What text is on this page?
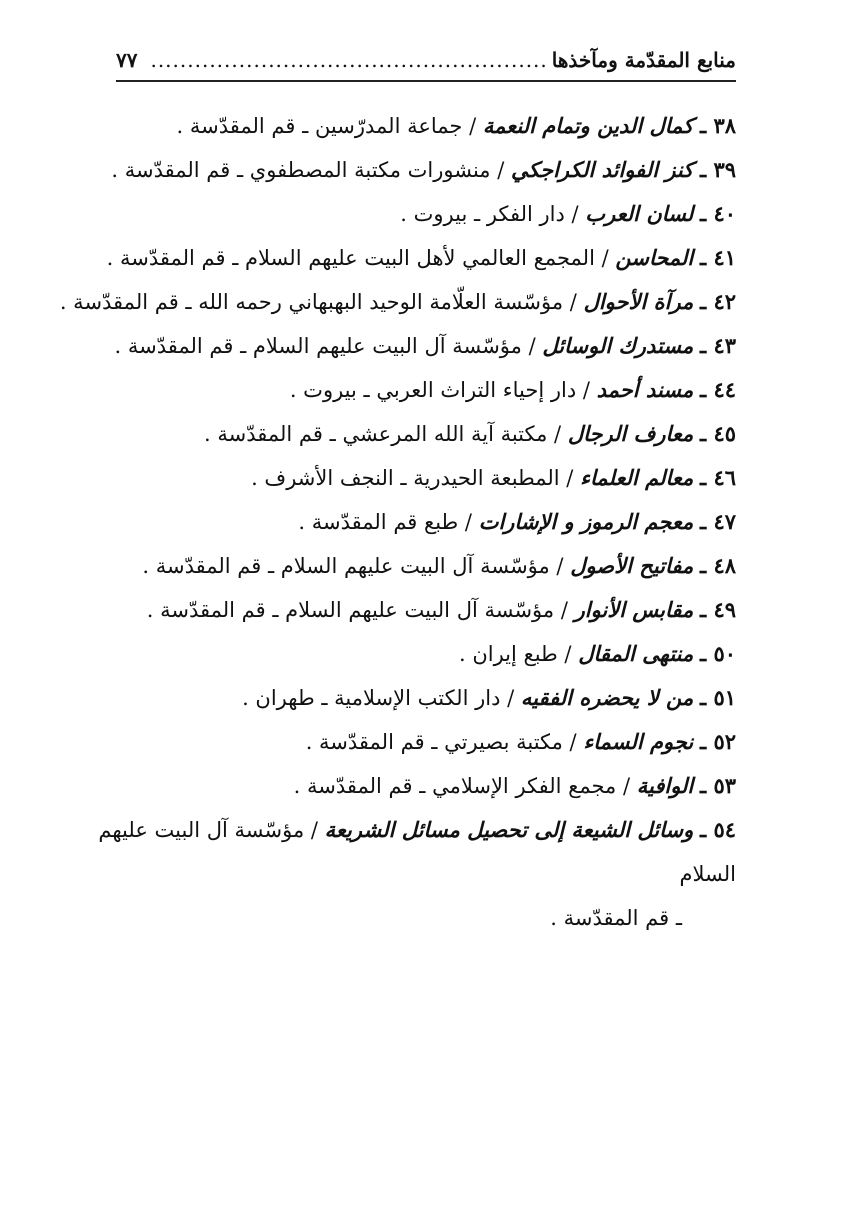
منابع المقدّمة ومآخذها
......................................................
٧٧
٣٨ ـ كمال الدين وتمام النعمة / جماعة المدرّسين ـ قم المقدّسة .
٣٩ ـ كنز الفوائد الكراجكي / منشورات مكتبة المصطفوي ـ قم المقدّسة .
٤٠ ـ لسان العرب / دار الفكر ـ بيروت .
٤١ ـ المحاسن / المجمع العالمي لأهل البيت عليهم السلام ـ قم المقدّسة .
٤٢ ـ مرآة الأحوال / مؤسّسة العلّامة الوحيد البهبهاني رحمه الله ـ قم المقدّسة .
٤٣ ـ مستدرك الوسائل / مؤسّسة آل البيت عليهم السلام ـ قم المقدّسة .
٤٤ ـ مسند أحمد / دار إحياء التراث العربي ـ بيروت .
٤٥ ـ معارف الرجال / مكتبة آية الله المرعشي ـ قم المقدّسة .
٤٦ ـ معالم العلماء / المطبعة الحيدرية ـ النجف الأشرف .
٤٧ ـ معجم الرموز و الإشارات / طبع قم المقدّسة .
٤٨ ـ مفاتيح الأصول / مؤسّسة آل البيت عليهم السلام ـ قم المقدّسة .
٤٩ ـ مقابس الأنوار / مؤسّسة آل البيت عليهم السلام ـ قم المقدّسة .
٥٠ ـ منتهى المقال / طبع إيران .
٥١ ـ من لا يحضره الفقيه / دار الكتب الإسلامية ـ طهران .
٥٢ ـ نجوم السماء / مكتبة بصيرتي ـ قم المقدّسة .
٥٣ ـ الوافية / مجمع الفكر الإسلامي ـ قم المقدّسة .
٥٤ ـ وسائل الشيعة إلى تحصيل مسائل الشريعة / مؤسّسة آل البيت عليهم السلام
ـ قم المقدّسة .
